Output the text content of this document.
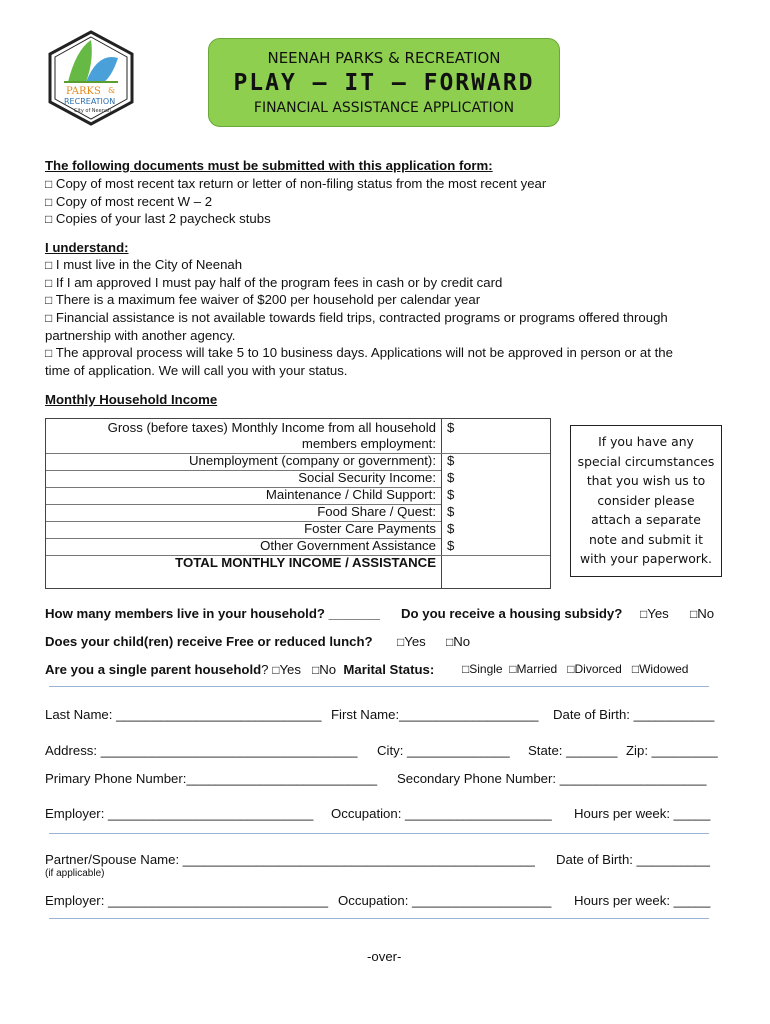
PARKS &
RECREATION
City of Neenah
NEENAH PARKS & RECREATION
PLAY – IT – FORWARD
FINANCIAL ASSISTANCE APPLICATION
The following documents must be submitted with this application form:
□ Copy of most recent tax return or letter of non-filing status from the most recent year
□ Copy of most recent W – 2
□ Copies of your last 2 paycheck stubs
I understand:
□ I must live in the City of Neenah
□ If I am approved I must pay half of the program fees in cash or by credit card
□ There is a maximum fee waiver of $200 per household per calendar year
□ Financial assistance is not available towards field trips, contracted programs or programs offered through
partnership with another agency.
□ The approval process will take 5 to 10 business days. Applications will not be approved in person or at the
time of application. We will call you with your status.
Monthly Household Income
Gross (before taxes) Monthly Income from all household
members employment:
Unemployment (company or government):
Social Security Income:
Maintenance / Child Support:
Food Share / Quest:
Foster Care Payments
Other Government Assistance
TOTAL MONTHLY INCOME / ASSISTANCE
$
$
$
$
$
$
$
If you have any
special circumstances
that you wish us to
consider please
attach a separate
note and submit it
with your paperwork.
How many members live in your household? _______ Do you receive a housing subsidy? □Yes □No
Does your child(ren) receive Free or reduced lunch? □Yes □No
Are you a single parent household? □Yes □No Marital Status: □Single □Married □Divorced □Widowed
Last Name: ____________________________ First Name:___________________ Date of Birth: ___________
Address: ___________________________________ City: ______________ State: _______ Zip: _________
Primary Phone Number:__________________________ Secondary Phone Number: ____________________
Employer: ____________________________ Occupation: ____________________ Hours per week: _____
Partner/Spouse Name: ________________________________________________ Date of Birth: __________
(if applicable)
Employer: ______________________________ Occupation: ___________________ Hours per week: _____
-over-
